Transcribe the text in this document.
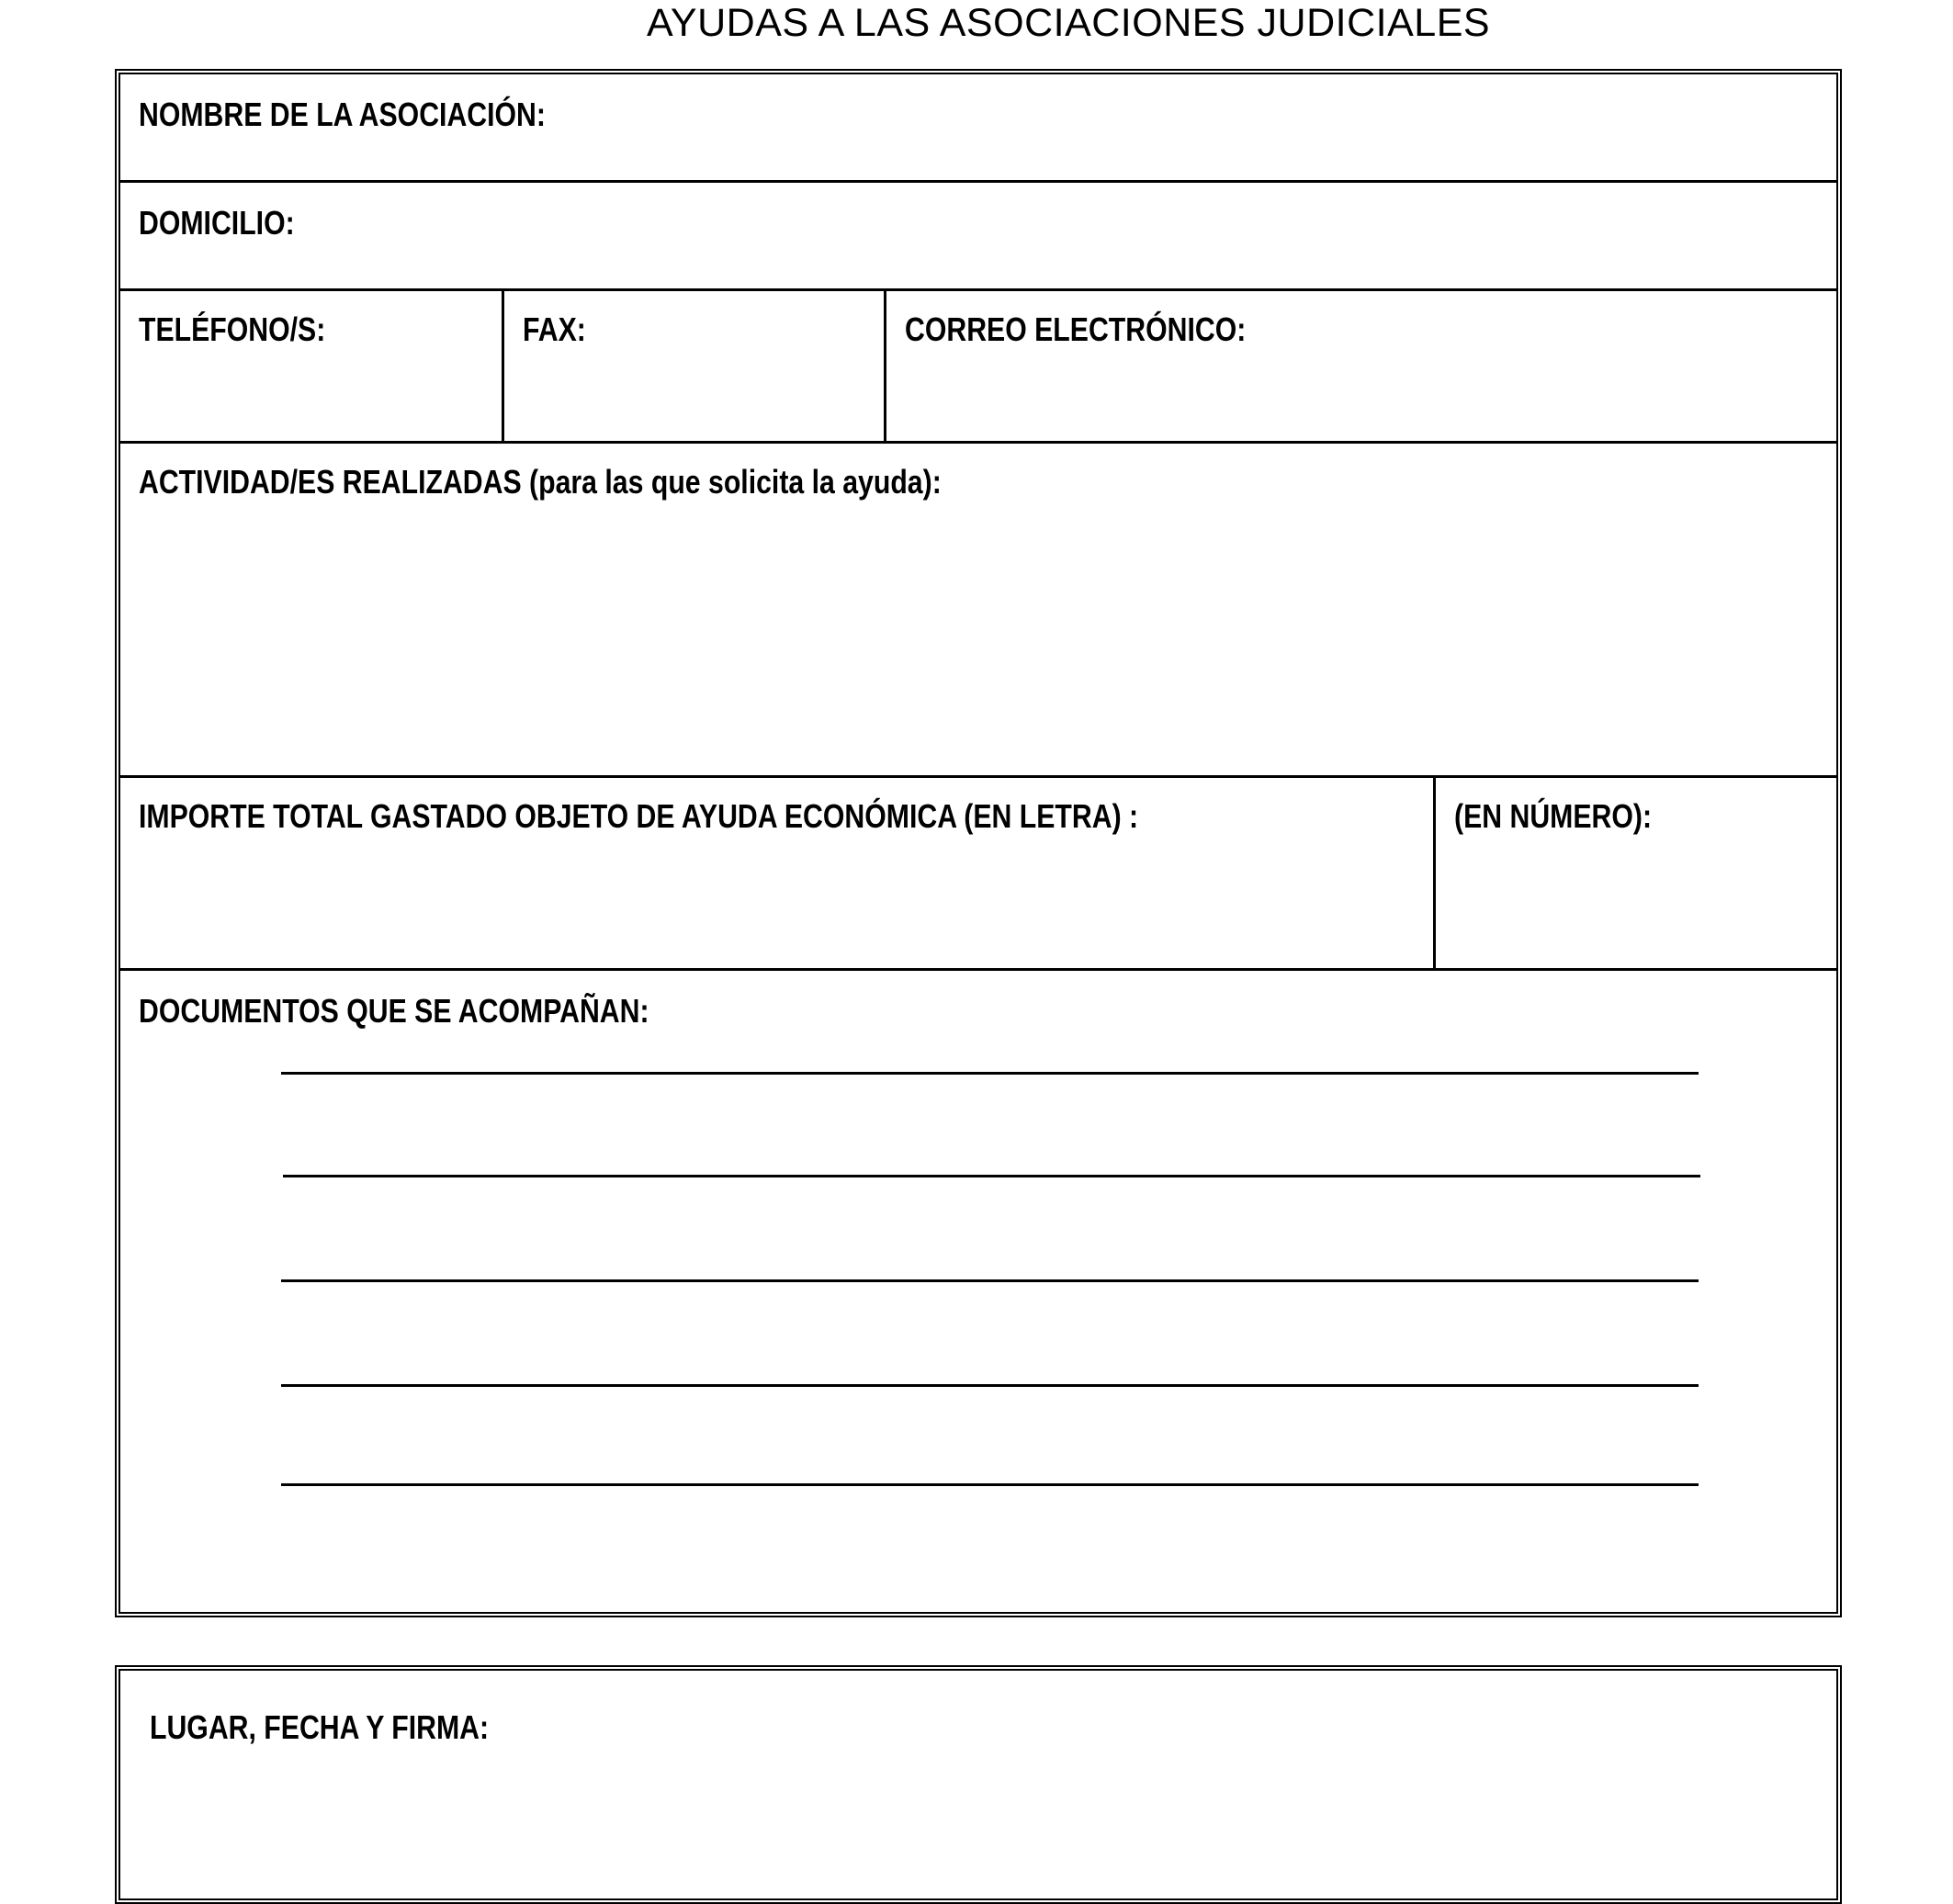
AYUDAS A LAS ASOCIACIONES JUDICIALES
NOMBRE DE LA ASOCIACIÓN:
DOMICILIO:
TELÉFONO/S:	FAX:	CORREO ELECTRÓNICO:
ACTIVIDAD/ES REALIZADAS (para las que solicita la ayuda):
IMPORTE TOTAL GASTADO OBJETO DE AYUDA ECONÓMICA (EN LETRA) :	(EN NÚMERO):
DOCUMENTOS QUE SE ACOMPAÑAN:
LUGAR, FECHA Y FIRMA:
